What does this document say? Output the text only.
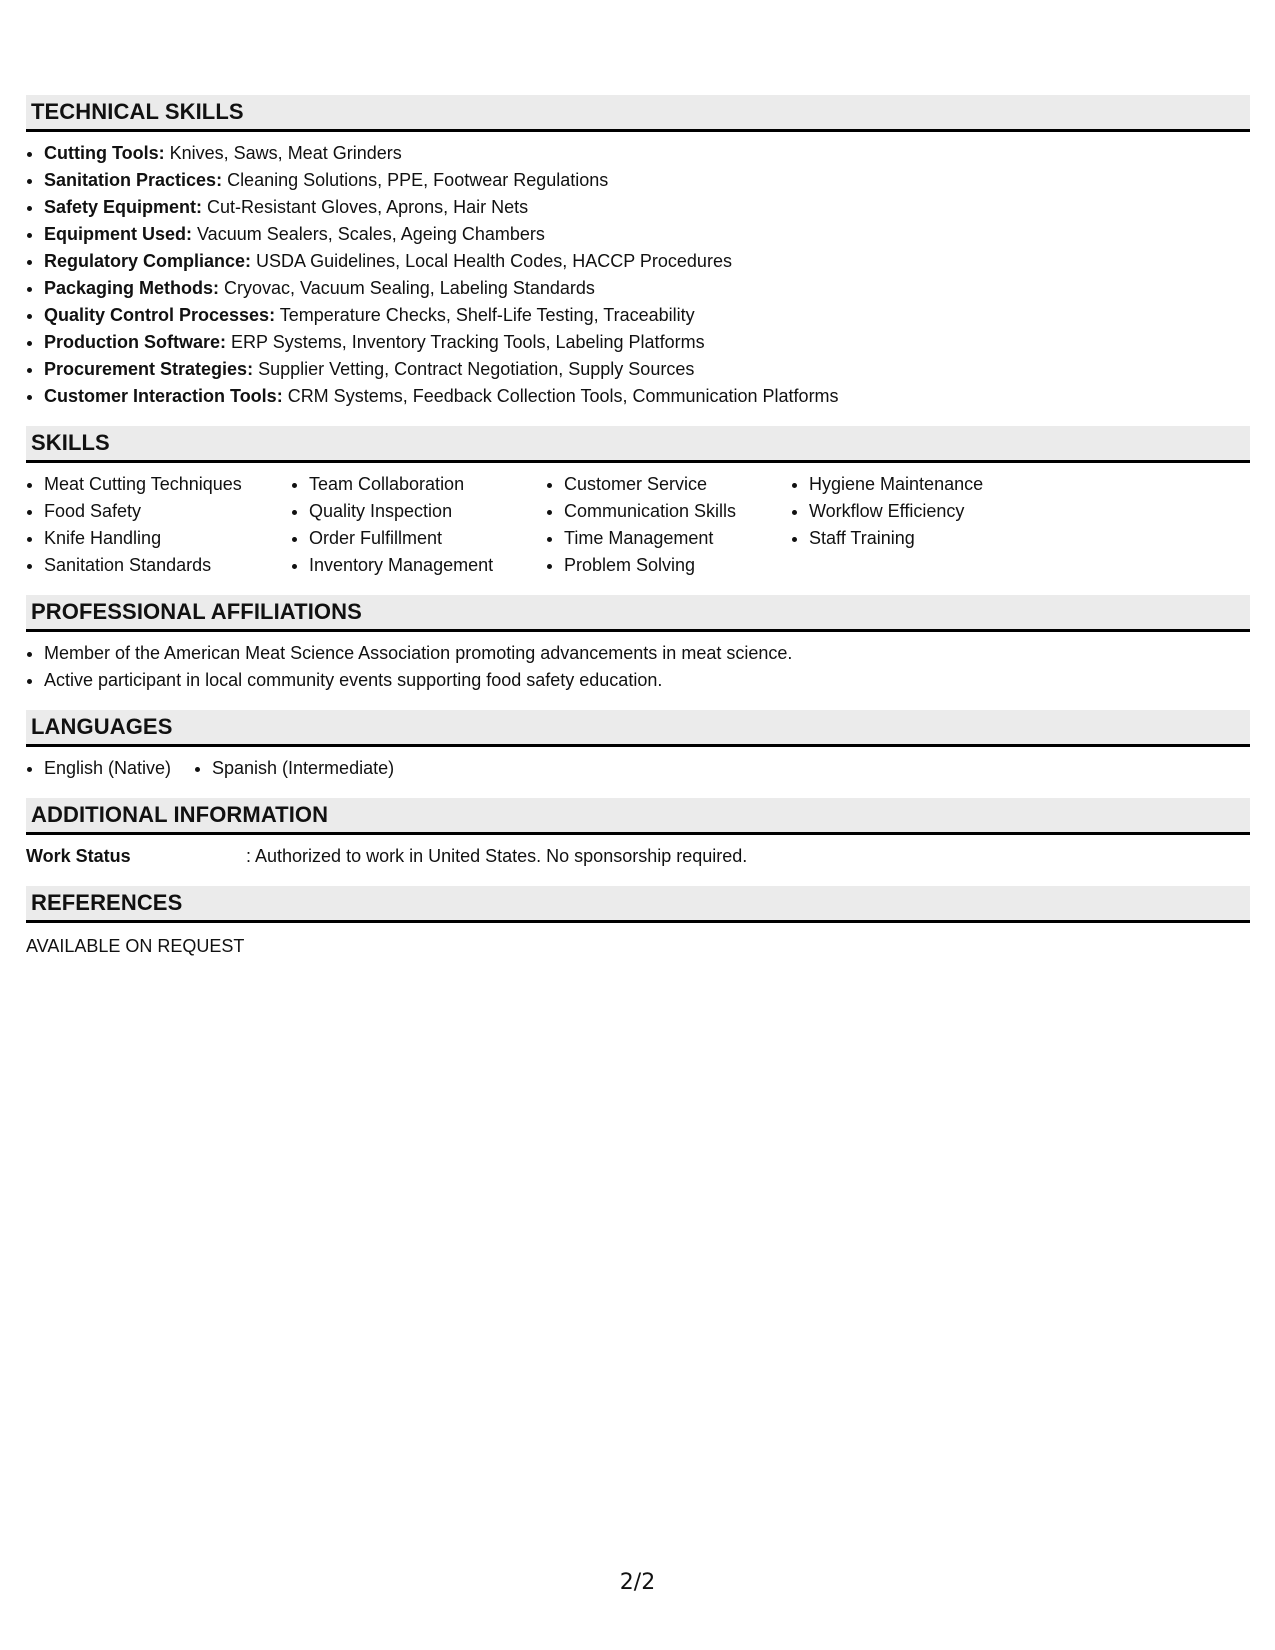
TECHNICAL SKILLS
• Cutting Tools: Knives, Saws, Meat Grinders
• Sanitation Practices: Cleaning Solutions, PPE, Footwear Regulations
• Safety Equipment: Cut-Resistant Gloves, Aprons, Hair Nets
• Equipment Used: Vacuum Sealers, Scales, Ageing Chambers
• Regulatory Compliance: USDA Guidelines, Local Health Codes, HACCP Procedures
• Packaging Methods: Cryovac, Vacuum Sealing, Labeling Standards
• Quality Control Processes: Temperature Checks, Shelf-Life Testing, Traceability
• Production Software: ERP Systems, Inventory Tracking Tools, Labeling Platforms
• Procurement Strategies: Supplier Vetting, Contract Negotiation, Supply Sources
• Customer Interaction Tools: CRM Systems, Feedback Collection Tools, Communication Platforms
SKILLS
• Meat Cutting Techniques
• Food Safety
• Knife Handling
• Sanitation Standards
• Team Collaboration
• Quality Inspection
• Order Fulfillment
• Inventory Management
• Customer Service
• Communication Skills
• Time Management
• Problem Solving
• Hygiene Maintenance
• Workflow Efficiency
• Staff Training
PROFESSIONAL AFFILIATIONS
• Member of the American Meat Science Association promoting advancements in meat science.
• Active participant in local community events supporting food safety education.
LANGUAGES
• English (Native)
•	Spanish (Intermediate)
ADDITIONAL INFORMATION
Work Status	: Authorized to work in United States. No sponsorship required.
REFERENCES
AVAILABLE ON REQUEST
2/2
